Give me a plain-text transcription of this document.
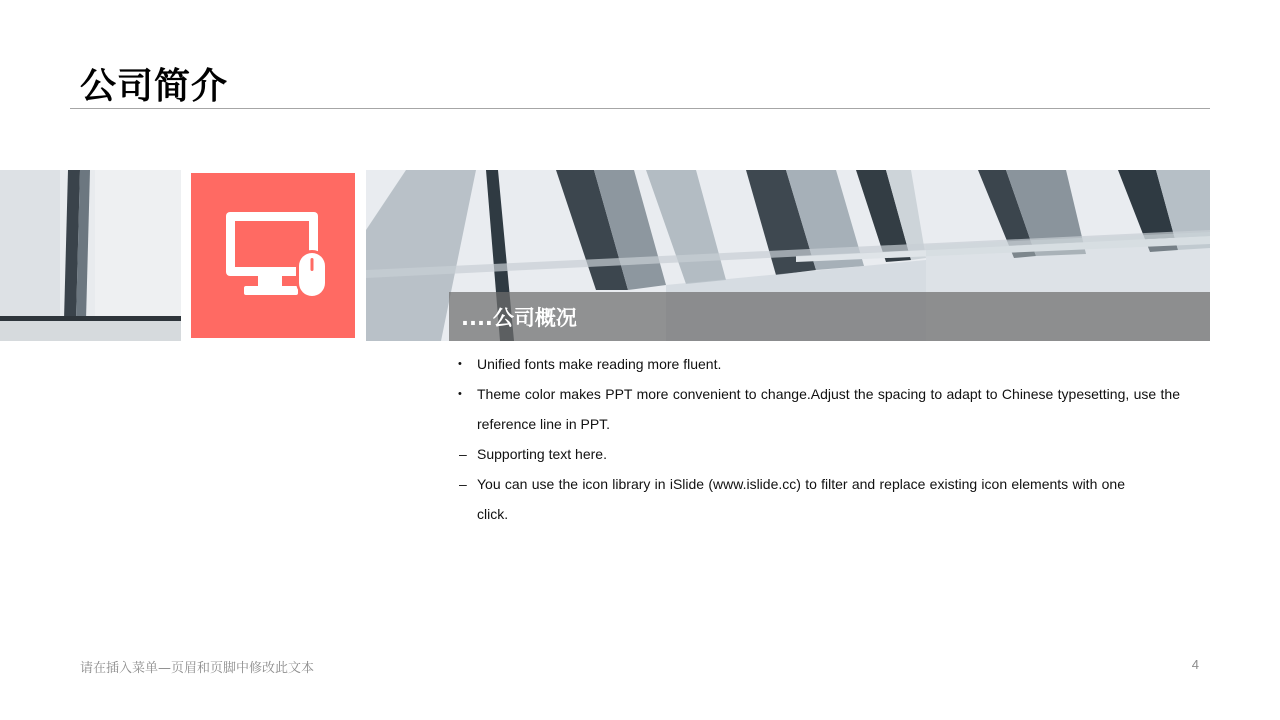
公司简介
....公司概况
• Unified fonts make reading more fluent.
• Theme color makes PPT more convenient to change.Adjust the spacing to adapt to Chinese typesetting, use the reference line in PPT.
– Supporting text here.
– You can use the icon library in iSlide (www.islide.cc) to filter and replace existing icon elements with one click.
请在插入菜单—页眉和页脚中修改此文本	4
